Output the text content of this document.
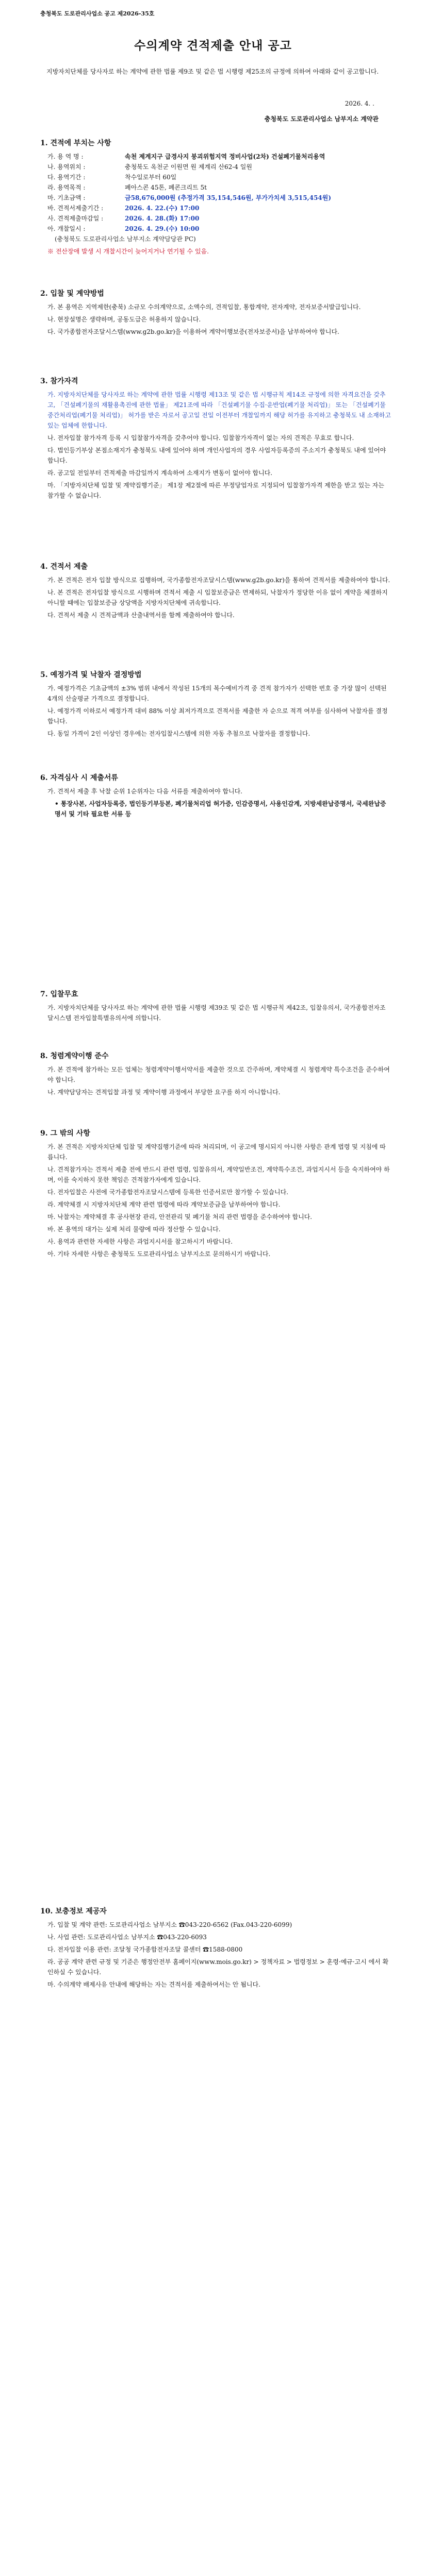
충청북도 도로관리사업소 공고 제2026-35호
수의계약 견적제출 안내 공고
지방자치단체를 당사자로 하는 계약에 관한 법률 제9조 및 같은 법 시행령 제25조의 규정에 의하여 아래와 같이 공고합니다.
2026. 4. .
충청북도 도로관리사업소 남부지소 계약관
1. 견적에 부치는 사항
가. 용 역 명 :	속천 제계지구 급경사지 붕괴위험지역 정비사업(2차) 건설폐기물처리용역
나. 용역위치 :	충청북도 옥천군 이원면 원 제계리 산62-4 일원
다. 용역기간 :	착수일로부터 60일
라. 용역목적 :	폐아스콘 45톤, 폐콘크리트 5t
마. 기초금액 :	금58,676,000원 (추정가격 35,154,546원, 부가가치세 3,515,454원)
바. 견적서제출기간 :	2026. 4. 22.(수) 17:00
사. 견적제출마감일 :	2026. 4. 28.(화) 17:00
아. 개찰일시 :	2026. 4. 29.(수) 10:00

(충청북도 도로관리사업소 남부지소 계약담당관 PC)

※ 전산장애 발생 시 개찰시간이 늦어지거나 연기될 수 있음.

2. 입찰 및 계약방법

가. 본 용역은 지역제한(충북) 소규모 수의계약으로, 소액수의, 견적입찰, 통합계약, 전자계약, 전자보증서발급입니다.

나. 현장설명은 생략하며, 공동도급은 허용하지 않습니다.

다. 국가종합전자조달시스템(www.g2b.go.kr)을 이용하여 계약이행보증(전자보증서)을 납부하여야 합니다.

3. 참가자격

가. 지방자치단체를 당사자로 하는 계약에 관한 법률 시행령 제13조 및 같은 법 시행규칙 제14조 규정에 의한 자격요건을 갖추고, 「건설폐기물의 재활용촉진에 관한 법률」 제21조에 따라 「건설폐기물 수집·운반업(폐기물 처리업)」 또는 「건설폐기물 중간처리업(폐기물 처리업)」 허가를 받은 자로서 공고일 전일 이전부터 개찰일까지 해당 허가를 유지하고 충청북도 내 소재하고 있는 업체에 한합니다.

나. 전자입찰 참가자격 등록 시 입찰참가자격을 갖추어야 합니다. 입찰참가자격이 없는 자의 견적은 무효로 합니다.

다. 법인등기부상 본점소재지가 충청북도 내에 있어야 하며 개인사업자의 경우 사업자등록증의 주소지가 충청북도 내에 있어야 합니다.

라. 공고일 전일부터 견적제출 마감일까지 계속하여 소재지가 변동이 없어야 합니다.

마. 「지방자치단체 입찰 및 계약집행기준」 제1장 제2절에 따른 부정당업자로 지정되어 입찰참가자격 제한을 받고 있는 자는 참가할 수 없습니다.

4. 견적서 제출

가. 본 견적은 전자 입찰 방식으로 집행하며, 국가종합전자조달시스템(www.g2b.go.kr)을 통하여 견적서를 제출하여야 합니다.

나. 본 견적은 전자입찰 방식으로 시행하며 견적서 제출 시 입찰보증금은 면제하되, 낙찰자가 정당한 이유 없이 계약을 체결하지 아니할 때에는 입찰보증금 상당액을 지방자치단체에 귀속합니다.

다. 견적서 제출 시 견적금액과 산출내역서를 함께 제출하여야 합니다.

5. 예정가격 및 낙찰자 결정방법

가. 예정가격은 기초금액의 ±3% 범위 내에서 작성된 15개의 복수예비가격 중 견적 참가자가 선택한 번호 중 가장 많이 선택된 4개의 산술평균 가격으로 결정합니다.

나. 예정가격 이하로서 예정가격 대비 88% 이상 최저가격으로 견적서를 제출한 자 순으로 적격 여부를 심사하여 낙찰자를 결정합니다.

다. 동일 가격이 2인 이상인 경우에는 전자입찰시스템에 의한 자동 추첨으로 낙찰자를 결정합니다.

6. 자격심사 시 제출서류

가. 견적서 제출 후 낙찰 순위 1순위자는 다음 서류를 제출하여야 합니다.

• 통장사본, 사업자등록증, 법인등기부등본, 폐기물처리업 허가증, 인감증명서, 사용인감계, 지방세완납증명서, 국세완납증명서 및 기타 필요한 서류 등

7. 입찰무효

가. 지방자치단체를 당사자로 하는 계약에 관한 법률 시행령 제39조 및 같은 법 시행규칙 제42조, 입찰유의서, 국가종합전자조달시스템 전자입찰특별유의서에 의합니다.

8. 청렴계약이행 준수

가. 본 견적에 참가하는 모든 업체는 청렴계약이행서약서를 제출한 것으로 간주하며, 계약체결 시 청렴계약 특수조건을 준수하여야 합니다.

나. 계약담당자는 견적입찰 과정 및 계약이행 과정에서 부당한 요구를 하지 아니합니다.

9. 그 밖의 사항

가. 본 견적은 지방자치단체 입찰 및 계약집행기준에 따라 처리되며, 이 공고에 명시되지 아니한 사항은 관계 법령 및 지침에 따릅니다.

나. 견적참가자는 견적서 제출 전에 반드시 관련 법령, 입찰유의서, 계약일반조건, 계약특수조건, 과업지시서 등을 숙지하여야 하며, 이를 숙지하지 못한 책임은 견적참가자에게 있습니다.

다. 전자입찰은 사전에 국가종합전자조달시스템에 등록한 인증서로만 참가할 수 있습니다.

라. 계약체결 시 지방자치단체 계약 관련 법령에 따라 계약보증금을 납부하여야 합니다.

마. 낙찰자는 계약체결 후 공사현장 관리, 안전관리 및 폐기물 처리 관련 법령을 준수하여야 합니다.

바. 본 용역의 대가는 실제 처리 물량에 따라 정산할 수 있습니다.

사. 용역과 관련한 자세한 사항은 과업지시서를 참고하시기 바랍니다.

아. 기타 자세한 사항은 충청북도 도로관리사업소 남부지소로 문의하시기 바랍니다.

10. 보충정보 제공자

가. 입찰 및 계약 관련: 도로관리사업소 남부지소 ☎043-220-6562 (Fax.043-220-6099)

나. 사업 관련: 도로관리사업소 남부지소 ☎043-220-6093

다. 전자입찰 이용 관련: 조달청 국가종합전자조달 콜센터 ☎1588-0800

라. 공공 계약 관련 규정 및 기준은 행정안전부 홈페이지(www.mois.go.kr) > 정책자료 > 법령정보 > 훈령·예규·고시 에서 확인하실 수 있습니다.

마. 수의계약 배제사유 안내에 해당하는 자는 견적서를 제출하여서는 안 됩니다.
